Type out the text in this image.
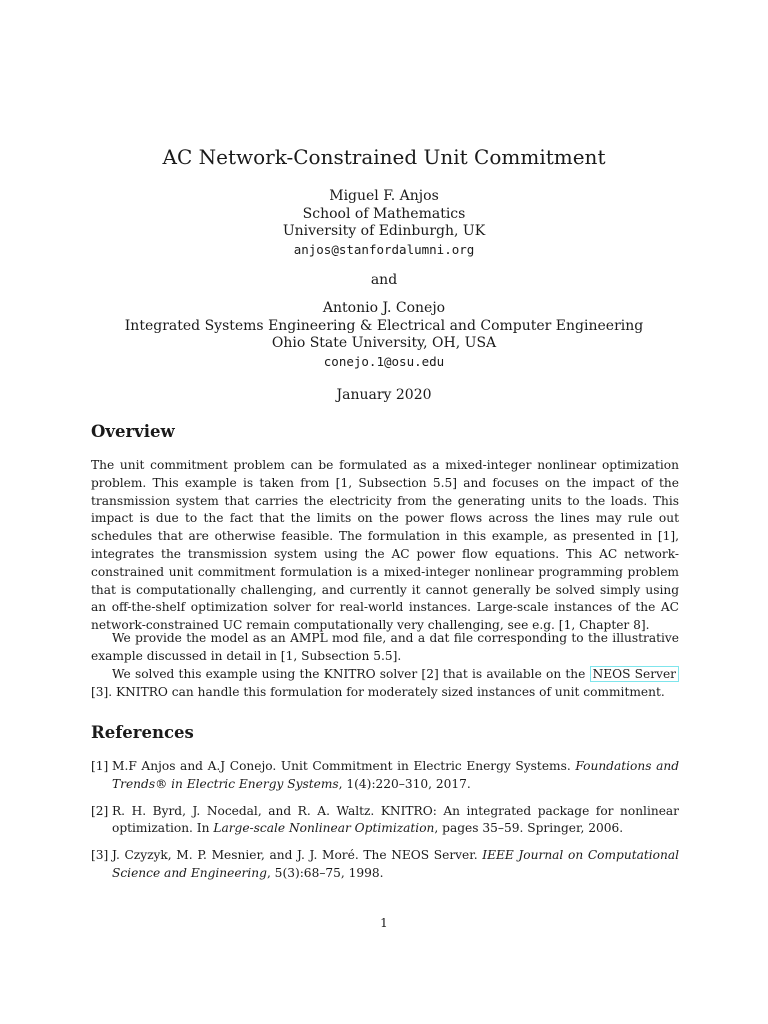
AC Network-Constrained Unit Commitment
Miguel F. Anjos
School of Mathematics
University of Edinburgh, UK
anjos@stanfordalumni.org
and
Antonio J. Conejo
Integrated Systems Engineering & Electrical and Computer Engineering
Ohio State University, OH, USA
conejo.1@osu.edu
January 2020
Overview
The unit commitment problem can be formulated as a mixed-integer nonlinear optimization problem. This example is taken from [1, Subsection 5.5] and focuses on the impact of the transmission system that carries the electricity from the generating units to the loads. This impact is due to the fact that the limits on the power flows across the lines may rule out schedules that are otherwise feasible. The formulation in this example, as presented in [1], integrates the transmission system using the AC power flow equations. This AC network-constrained unit commitment formulation is a mixed-integer nonlinear programming problem that is computationally challenging, and currently it cannot generally be solved simply using an off-the-shelf optimization solver for real-world instances. Large-scale instances of the AC network-constrained UC remain computationally very challenging, see e.g. [1, Chapter 8].
We provide the model as an AMPL mod file, and a dat file corresponding to the illustrative example discussed in detail in [1, Subsection 5.5].
We solved this example using the KNITRO solver [2] that is available on the NEOS Server [3]. KNITRO can handle this formulation for moderately sized instances of unit commitment.
References
[1] M.F Anjos and A.J Conejo. Unit Commitment in Electric Energy Systems. Foundations and Trends® in Electric Energy Systems, 1(4):220–310, 2017.
[2] R. H. Byrd, J. Nocedal, and R. A. Waltz. KNITRO: An integrated package for nonlinear optimization. In Large-scale Nonlinear Optimization, pages 35–59. Springer, 2006.
[3] J. Czyzyk, M. P. Mesnier, and J. J. Moré. The NEOS Server. IEEE Journal on Computational Science and Engineering, 5(3):68–75, 1998.
1
